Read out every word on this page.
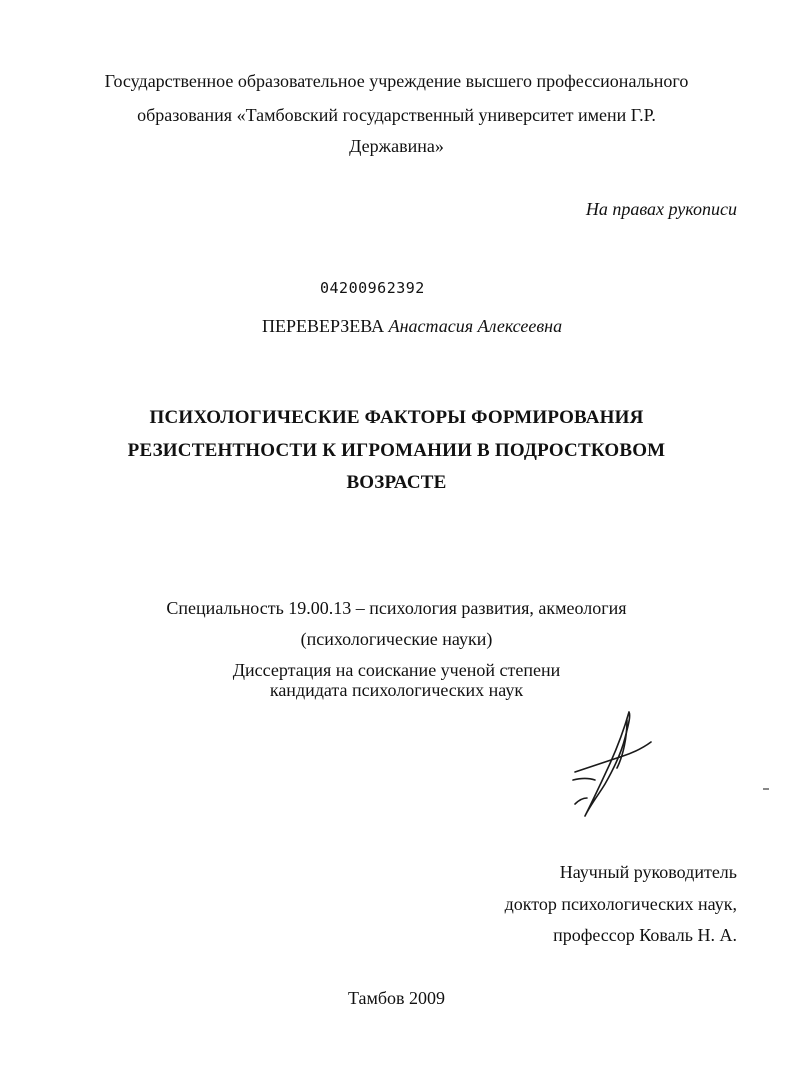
Государственное образовательное учреждение высшего профессионального
образования «Тамбовский государственный университет имени Г.Р.
Державина»
На правах рукописи
04200962392
ПЕРЕВЕРЗЕВА Анастасия Алексеевна
ПСИХОЛОГИЧЕСКИЕ ФАКТОРЫ ФОРМИРОВАНИЯ
РЕЗИСТЕНТНОСТИ К ИГРОМАНИИ В ПОДРОСТКОВОМ
ВОЗРАСТЕ
Специальность 19.00.13 – психология развития, акмеология
(психологические науки)
Диссертация на соискание ученой степени
кандидата психологических наук
Научный руководитель
доктор психологических наук,
профессор Коваль Н. А.
Тамбов 2009
